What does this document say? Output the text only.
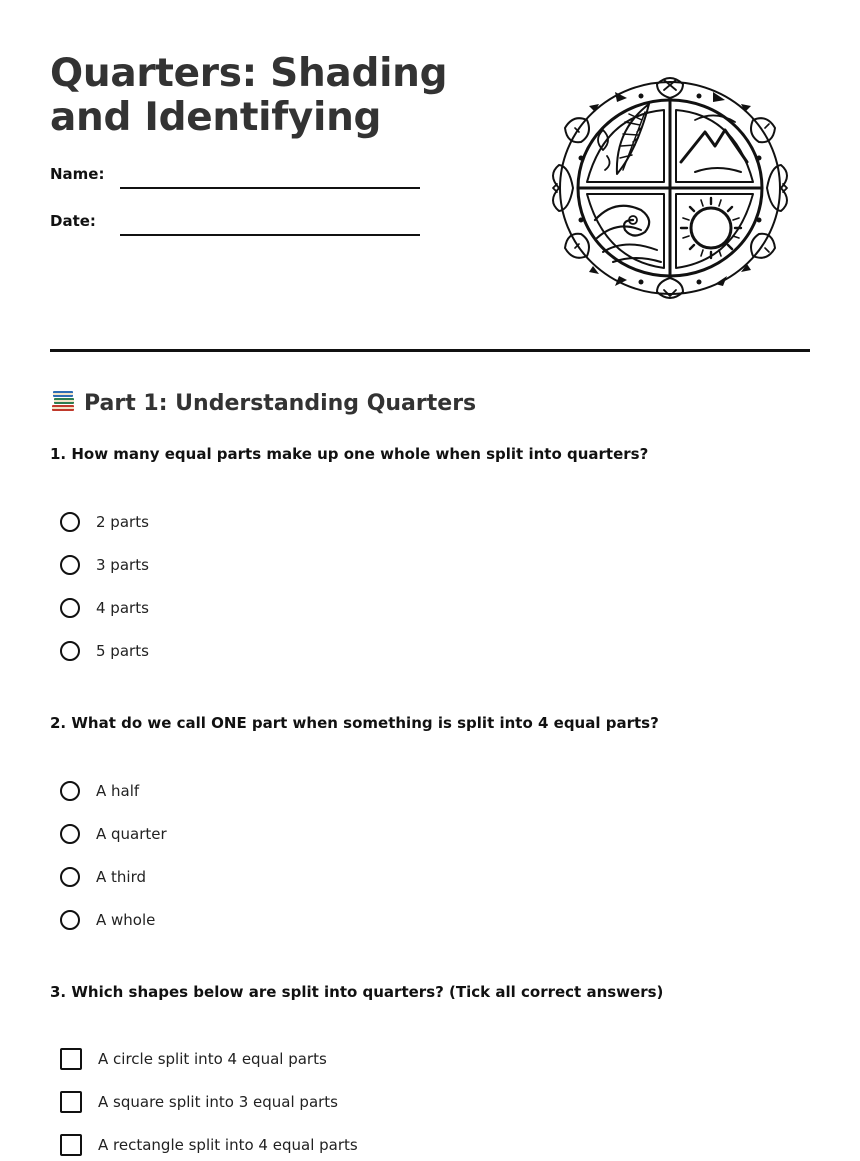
Quarters: Shading and Identifying
Name:
Date:
Part 1: Understanding Quarters
1. How many equal parts make up one whole when split into quarters?
2 parts
3 parts
4 parts
5 parts
2. What do we call ONE part when something is split into 4 equal parts?
A half
A quarter
A third
A whole
3. Which shapes below are split into quarters? (Tick all correct answers)
A circle split into 4 equal parts
A square split into 3 equal parts
A rectangle split into 4 equal parts
